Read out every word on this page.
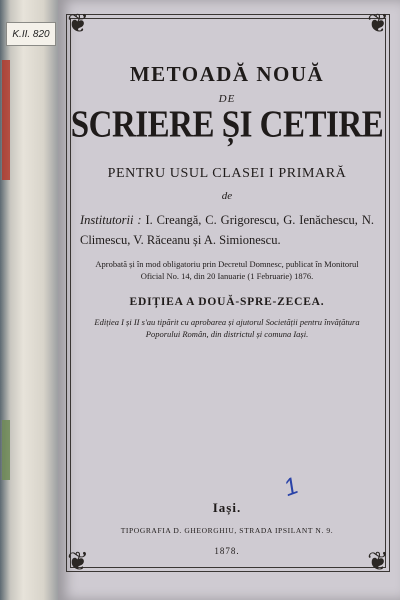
K.II. 820 ❦	❦
❦	❦
METOADĂ NOUĂ
DE
SCRIERE ȘI CETIRE
PENTRU USUL CLASEI I PRIMARĂ
de
Institutorii : I. Creangă, C. Grigorescu, G. Ienăchescu, N. Climescu, V. Răceanu și A. Simionescu.
Aprobată și în mod obligatoriu prin Decretul Domnesc, publicat în Monitorul Oficial No. 14, din 20 Ianuarie (1 Februarie) 1876.
EDIȚIEA A DOUĂ-SPRE-ZECEA.
Edițiea I și II s'au tipărit cu aprobarea și ajutorul Societății pentru învățătura Poporului Român, din districtul și comuna Iași.
Iași.
TIPOGRAFIA D. GHEORGHIU, STRADA IPSILANT N. 9.
1878.
1
